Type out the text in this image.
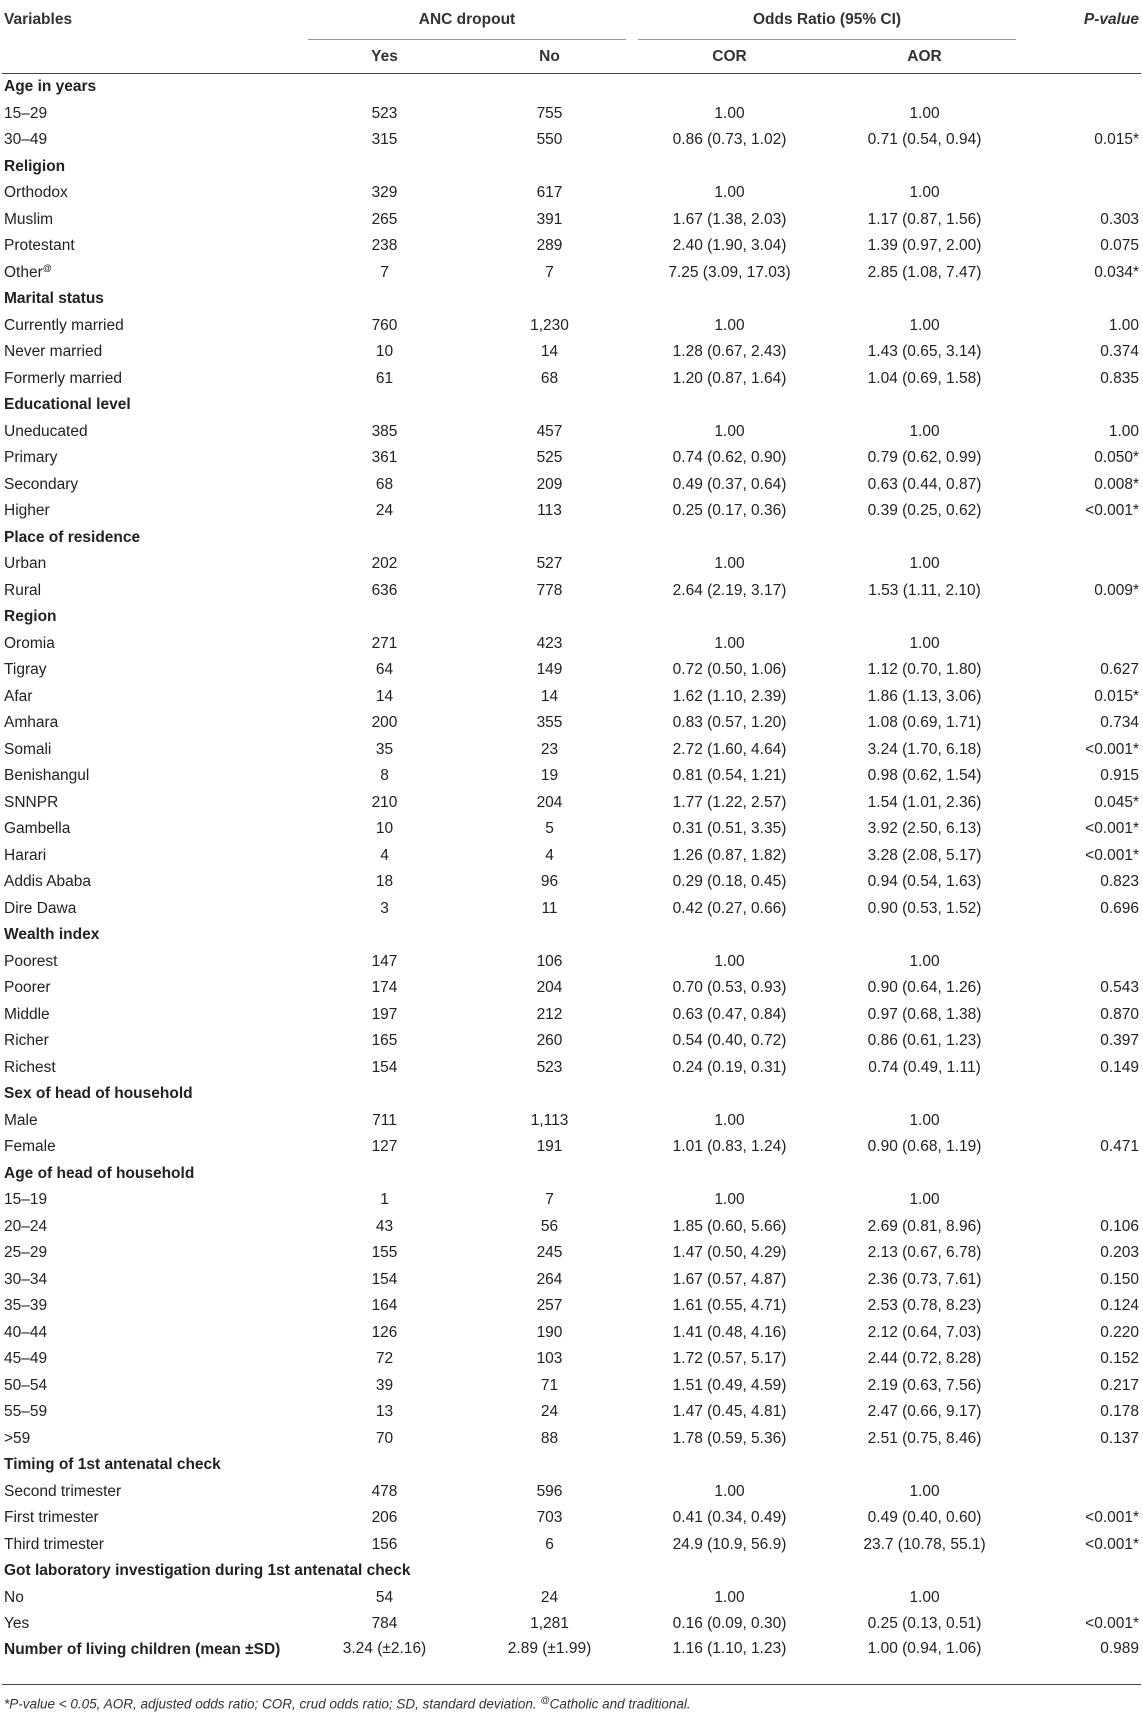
Variables	ANC dropout		Odds Ratio (95% CI)		P-value
	Yes	No	COR	AOR	
Age in years					
15–29	523	755	1.00	1.00	
30–49	315	550	0.86 (0.73, 1.02)	0.71 (0.54, 0.94)	0.015*
Religion					
Orthodox	329	617	1.00	1.00	
Muslim	265	391	1.67 (1.38, 2.03)	1.17 (0.87, 1.56)	0.303
Protestant	238	289	2.40 (1.90, 3.04)	1.39 (0.97, 2.00)	0.075
Other@	7	7	7.25 (3.09, 17.03)	2.85 (1.08, 7.47)	0.034*
Marital status					
Currently married	760	1,230	1.00	1.00	1.00
Never married	10	14	1.28 (0.67, 2.43)	1.43 (0.65, 3.14)	0.374
Formerly married	61	68	1.20 (0.87, 1.64)	1.04 (0.69, 1.58)	0.835
Educational level					
Uneducated	385	457	1.00	1.00	1.00
Primary	361	525	0.74 (0.62, 0.90)	0.79 (0.62, 0.99)	0.050*
Secondary	68	209	0.49 (0.37, 0.64)	0.63 (0.44, 0.87)	0.008*
Higher	24	113	0.25 (0.17, 0.36)	0.39 (0.25, 0.62)	<0.001*
Place of residence					
Urban	202	527	1.00	1.00	
Rural	636	778	2.64 (2.19, 3.17)	1.53 (1.11, 2.10)	0.009*
Region					
Oromia	271	423	1.00	1.00	
Tigray	64	149	0.72 (0.50, 1.06)	1.12 (0.70, 1.80)	0.627
Afar	14	14	1.62 (1.10, 2.39)	1.86 (1.13, 3.06)	0.015*
Amhara	200	355	0.83 (0.57, 1.20)	1.08 (0.69, 1.71)	0.734
Somali	35	23	2.72 (1.60, 4.64)	3.24 (1.70, 6.18)	<0.001*
Benishangul	8	19	0.81 (0.54, 1.21)	0.98 (0.62, 1.54)	0.915
SNNPR	210	204	1.77 (1.22, 2.57)	1.54 (1.01, 2.36)	0.045*
Gambella	10	5	0.31 (0.51, 3.35)	3.92 (2.50, 6.13)	<0.001*
Harari	4	4	1.26 (0.87, 1.82)	3.28 (2.08, 5.17)	<0.001*
Addis Ababa	18	96	0.29 (0.18, 0.45)	0.94 (0.54, 1.63)	0.823
Dire Dawa	3	11	0.42 (0.27, 0.66)	0.90 (0.53, 1.52)	0.696
Wealth index					
Poorest	147	106	1.00	1.00	
Poorer	174	204	0.70 (0.53, 0.93)	0.90 (0.64, 1.26)	0.543
Middle	197	212	0.63 (0.47, 0.84)	0.97 (0.68, 1.38)	0.870
Richer	165	260	0.54 (0.40, 0.72)	0.86 (0.61, 1.23)	0.397
Richest	154	523	0.24 (0.19, 0.31)	0.74 (0.49, 1.11)	0.149
Sex of head of household					
Male	711	1,113	1.00	1.00	
Female	127	191	1.01 (0.83, 1.24)	0.90 (0.68, 1.19)	0.471
Age of head of household					
15–19	1	7	1.00	1.00	
20–24	43	56	1.85 (0.60, 5.66)	2.69 (0.81, 8.96)	0.106
25–29	155	245	1.47 (0.50, 4.29)	2.13 (0.67, 6.78)	0.203
30–34	154	264	1.67 (0.57, 4.87)	2.36 (0.73, 7.61)	0.150
35–39	164	257	1.61 (0.55, 4.71)	2.53 (0.78, 8.23)	0.124
40–44	126	190	1.41 (0.48, 4.16)	2.12 (0.64, 7.03)	0.220
45–49	72	103	1.72 (0.57, 5.17)	2.44 (0.72, 8.28)	0.152
50–54	39	71	1.51 (0.49, 4.59)	2.19 (0.63, 7.56)	0.217
55–59	13	24	1.47 (0.45, 4.81)	2.47 (0.66, 9.17)	0.178
>59	70	88	1.78 (0.59, 5.36)	2.51 (0.75, 8.46)	0.137
Timing of 1st antenatal check					
Second trimester	478	596	1.00	1.00	
First trimester	206	703	0.41 (0.34, 0.49)	0.49 (0.40, 0.60)	<0.001*
Third trimester	156	6	24.9 (10.9, 56.9)	23.7 (10.78, 55.1)	<0.001*
Got laboratory investigation during 1st antenatal check					
No	54	24	1.00	1.00	
Yes	784	1,281	0.16 (0.09, 0.30)	0.25 (0.13, 0.51)	<0.001*
Number of living children (mean ±SD)	3.24 (±2.16)	2.89 (±1.99)	1.16 (1.10, 1.23)	1.00 (0.94, 1.06)	0.989
*P-value < 0.05, AOR, adjusted odds ratio; COR, crud odds ratio; SD, standard deviation. @Catholic and traditional.
